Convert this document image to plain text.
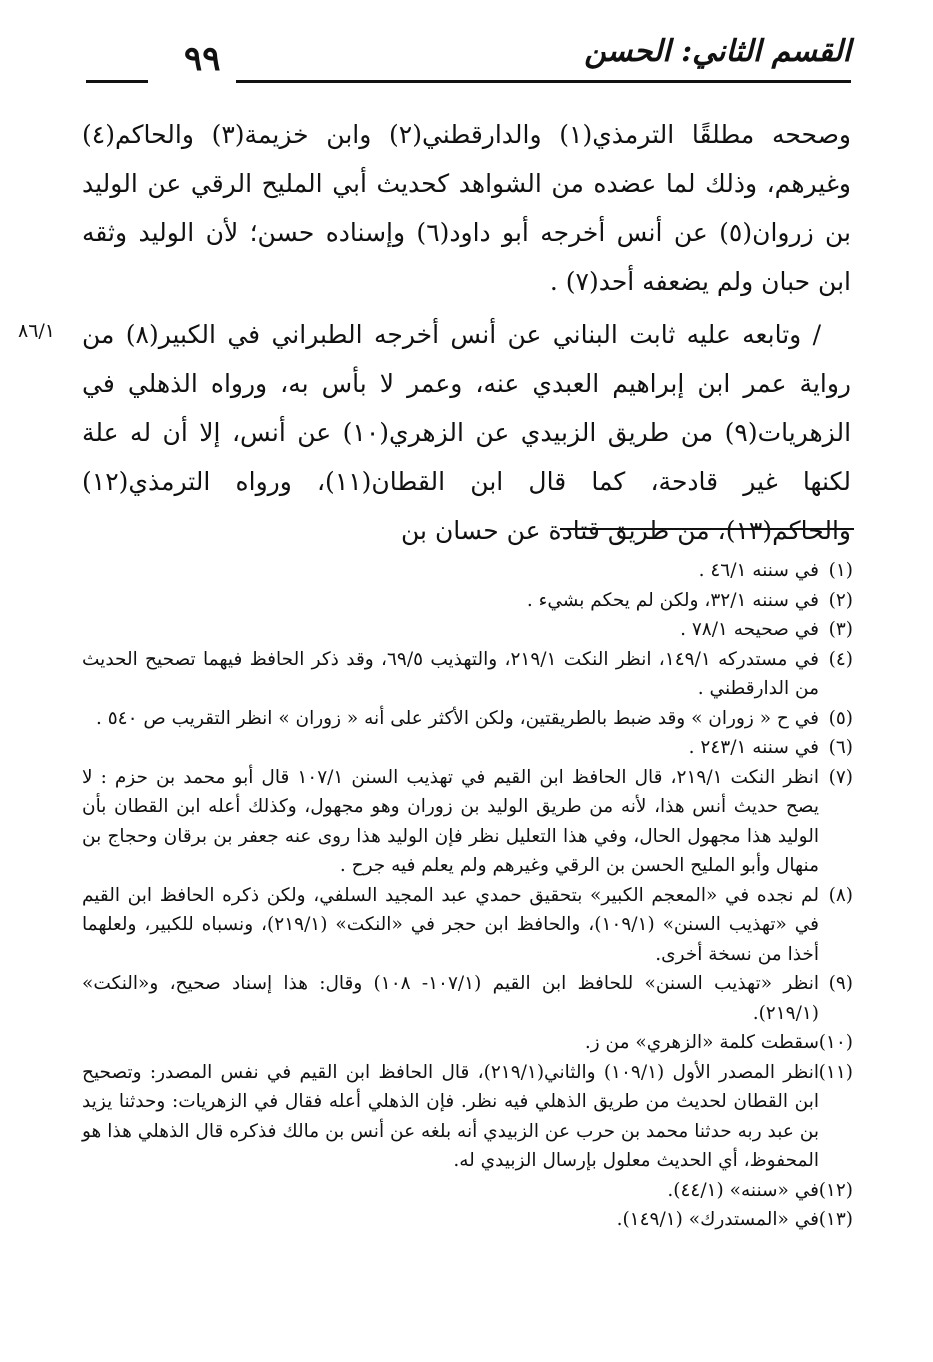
٩٩	القسم الثاني: الحسن

وصححه مطلقًا الترمذي(١) والدارقطني(٢) وابن خزيمة(٣) والحاكم(٤) وغيرهم، وذلك لما عضده من الشواهد كحديث أبي المليح الرقي عن الوليد بن زروان(٥) عن أنس أخرجه أبو داود(٦) وإسناده حسن؛ لأن الوليد وثقه ابن حبان ولم يضعفه أحد(٧) .

/ وتابعه عليه ثابت البناني عن أنس أخرجه الطبراني في الكبير(٨) من رواية عمر ابن إبراهيم العبدي عنه، وعمر لا بأس به، ورواه الذهلي في الزهريات(٩) من طريق الزبيدي عن الزهري(١٠) عن أنس، إلا أن له علة لكنها غير قادحة، كما قال ابن القطان(١١)، ورواه الترمذي(١٢) والحاكم(١٣)، من طريق قتادة عن حسان بن

٨٦/١

(١)في سننه ٤٦/١ .

(٢)في سننه ٣٢/١، ولكن لم يحكم بشيء .

(٣)في صحيحه ٧٨/١ .

(٤)في مستدركه ١٤٩/١، انظر النكت ٢١٩/١، والتهذيب ٦٩/٥، وقد ذكر الحافظ فيهما تصحيح الحديث من الدارقطني .

(٥)في ح « زوران » وقد ضبط بالطريقتين، ولكن الأكثر على أنه « زوران » انظر التقريب ص ٥٤٠ .

(٦)في سننه ٢٤٣/١ .

(٧)انظر النكت ٢١٩/١، قال الحافظ ابن القيم في تهذيب السنن ١٠٧/١ قال أبو محمد بن حزم : لا يصح حديث أنس هذا، لأنه من طريق الوليد بن زوران وهو مجهول، وكذلك أعله ابن القطان بأن الوليد هذا مجهول الحال، وفي هذا التعليل نظر فإن الوليد هذا روى عنه جعفر بن برقان وحجاج بن منهال وأبو المليح الحسن بن الرقي وغيرهم ولم يعلم فيه جرح .

(٨)لم نجده في «المعجم الكبير» بتحقيق حمدي عبد المجيد السلفي، ولكن ذكره الحافظ ابن القيم في «تهذيب السنن» (١٠٩/١)، والحافظ ابن حجر في «النكت» (٢١٩/١)، ونسباه للكبير، ولعلهما أخذا من نسخة أخرى.

(٩)انظر «تهذيب السنن» للحافظ ابن القيم (١٠٧/١- ١٠٨) وقال: هذا إسناد صحيح، و«النكت» (٢١٩/١).

(١٠)سقطت كلمة «الزهري» من ز.

(١١)انظر المصدر الأول (١٠٩/١) والثاني(٢١٩/١)، قال الحافظ ابن القيم في نفس المصدر: وتصحيح ابن القطان لحديث من طريق الذهلي فيه نظر. فإن الذهلي أعله فقال في الزهريات: وحدثنا يزيد بن عبد ربه حدثنا محمد بن حرب عن الزبيدي أنه بلغه عن أنس بن مالك فذكره قال الذهلي هذا هو المحفوظ، أي الحديث معلول بإرسال الزبيدي له.

(١٢)في «سننه» (٤٤/١).

(١٣)في «المستدرك» (١٤٩/١).
